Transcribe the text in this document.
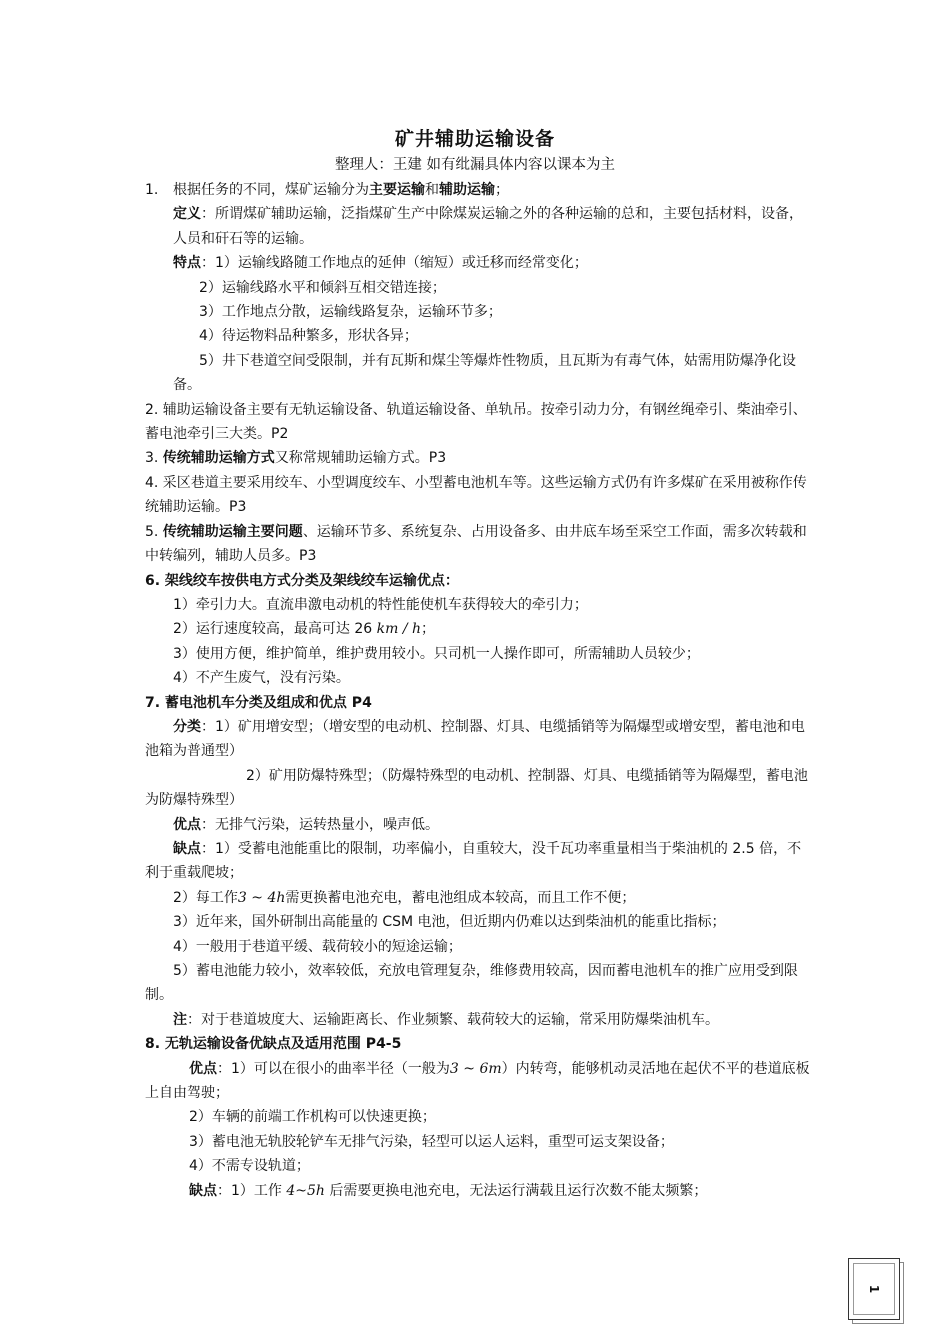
矿井辅助运输设备
整理人：王建 如有纰漏具体内容以课本为主

1. 根据任务的不同，煤矿运输分为主要运输和辅助运输；

定义：所谓煤矿辅助运输，泛指煤矿生产中除煤炭运输之外的各种运输的总和，主要包括材料，设备，人员和矸石等的运输。

特点：1）运输线路随工作地点的延伸（缩短）或迁移而经常变化；

2）运输线路水平和倾斜互相交错连接；

3）工作地点分散，运输线路复杂，运输环节多；

4）待运物料品种繁多，形状各异；

5）井下巷道空间受限制，并有瓦斯和煤尘等爆炸性物质，且瓦斯为有毒气体，姑需用防爆净化设备。

2. 辅助运输设备主要有无轨运输设备、轨道运输设备、单轨吊。按牵引动力分，有钢丝绳牵引、柴油牵引、蓄电池牵引三大类。P2

3. 传统辅助运输方式又称常规辅助运输方式。P3

4. 采区巷道主要采用绞车、小型调度绞车、小型蓄电池机车等。这些运输方式仍有许多煤矿在采用被称作传统辅助运输。P3

5. 传统辅助运输主要问题、运输环节多、系统复杂、占用设备多、由井底车场至采空工作面，需多次转载和中转编列，辅助人员多。P3

6. 架线绞车按供电方式分类及架线绞车运输优点：

1）牵引力大。直流串激电动机的特性能使机车获得较大的牵引力；

2）运行速度较高，最高可达 26 km / h；

3）使用方便，维护简单，维护费用较小。只司机一人操作即可，所需辅助人员较少；

4）不产生废气，没有污染。

7. 蓄电池机车分类及组成和优点 P4

分类：1）矿用增安型；（增安型的电动机、控制器、灯具、电缆插销等为隔爆型或增安型，蓄电池和电池箱为普通型）

2）矿用防爆特殊型；（防爆特殊型的电动机、控制器、灯具、电缆插销等为隔爆型，蓄电池为防爆特殊型）

优点：无排气污染，运转热量小，噪声低。

缺点：1）受蓄电池能重比的限制，功率偏小，自重较大，没千瓦功率重量相当于柴油机的 2.5 倍，不利于重载爬坡；

2）每工作3 ~ 4h需更换蓄电池充电，蓄电池组成本较高，而且工作不便；

3）近年来，国外研制出高能量的 CSM 电池，但近期内仍难以达到柴油机的能重比指标；

4）一般用于巷道平缓、载荷较小的短途运输；

5）蓄电池能力较小，效率较低，充放电管理复杂，维修费用较高，因而蓄电池机车的推广应用受到限制。

注：对于巷道坡度大、运输距离长、作业频繁、载荷较大的运输，常采用防爆柴油机车。

8. 无轨运输设备优缺点及适用范围 P4-5

优点：1）可以在很小的曲率半径（一般为3 ~ 6m）内转弯，能够机动灵活地在起伏不平的巷道底板上自由驾驶；

2）车辆的前端工作机构可以快速更换；

3）蓄电池无轨胶轮铲车无排气污染，轻型可以运人运料，重型可运支架设备；

4）不需专设轨道；

缺点：1）工作 4~5h 后需要更换电池充电，无法运行满载且运行次数不能太频繁；

1
